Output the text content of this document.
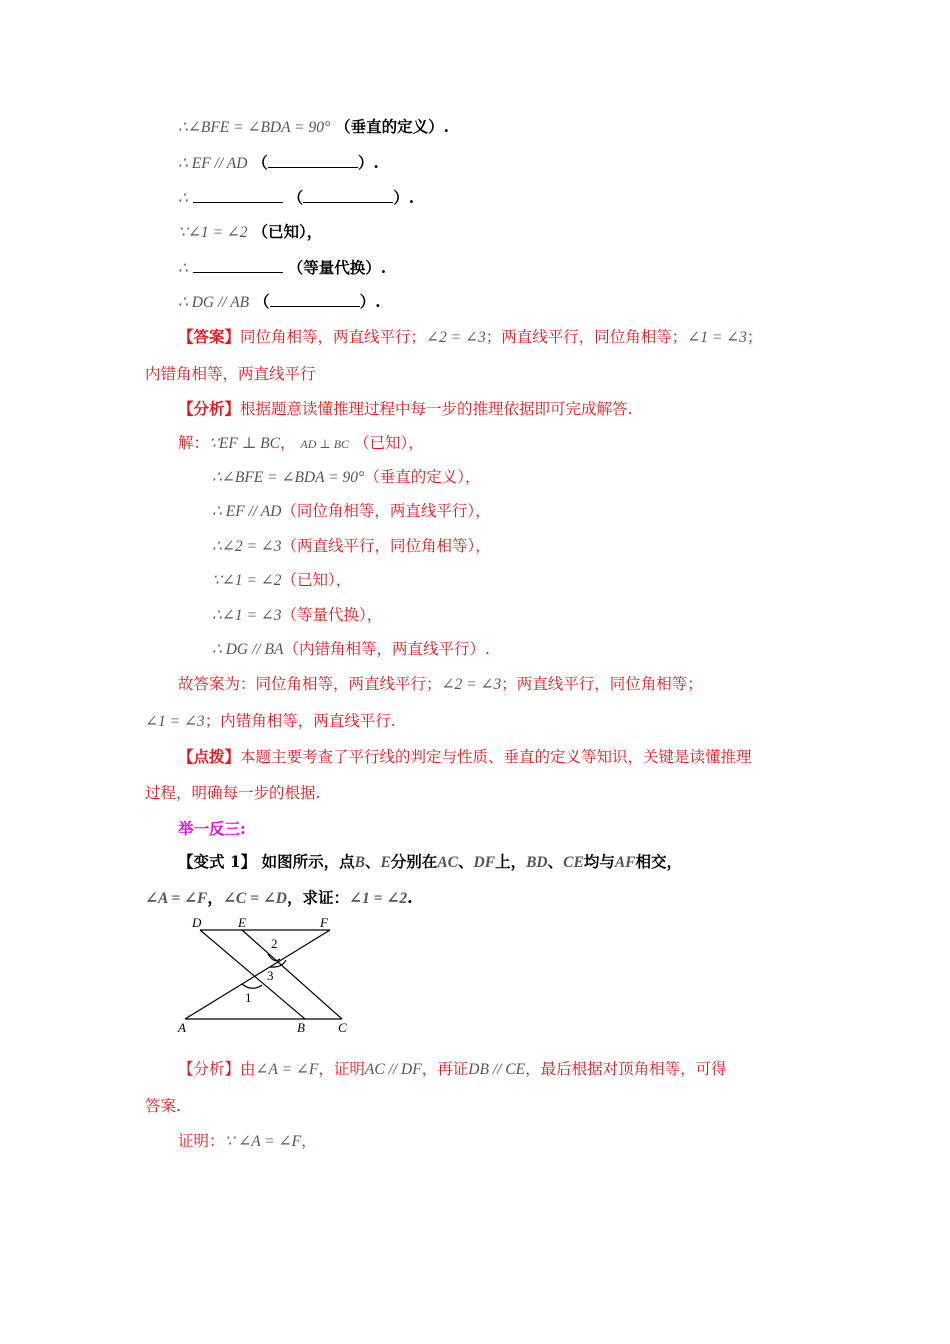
∴∠BFE = ∠BDA = 90° （垂直的定义）.
∴ EF // AD （	）.
∴	（	）.
∵∠1 = ∠2 （已知），
∴	（等量代换）.
∴ DG // AB （	）.
【答案】同位角相等，两直线平行；∠2 = ∠3；两直线平行，同位角相等；∠1 = ∠3；
内错角相等，两直线平行
【分析】根据题意读懂推理过程中每一步的推理依据即可完成解答.
解：∵EF ⊥ BC， AD ⊥ BC （已知），
∴∠BFE = ∠BDA = 90°（垂直的定义），
∴ EF // AD（同位角相等，两直线平行），
∴∠2 = ∠3（两直线平行，同位角相等），
∵∠1 = ∠2（已知），
∴∠1 = ∠3（等量代换），
∴ DG // BA（内错角相等，两直线平行）.
故答案为：同位角相等，两直线平行；∠2 = ∠3；两直线平行，同位角相等；
∠1 = ∠3；内错角相等，两直线平行.
【点拨】本题主要考查了平行线的判定与性质、垂直的定义等知识，关键是读懂推理
过程，明确每一步的根据.
举一反三:
【变式 1】 如图所示，点B、E分别在AC、DF上，BD、CE均与AF相交，
∠A = ∠F，∠C = ∠D，求证：∠1 = ∠2.
D	E	F
2
3
1
A	B	C
【分析】由∠A = ∠F，证明AC // DF，再证DB // CE，最后根据对顶角相等，可得
答案.
证明：∵ ∠A = ∠F，
